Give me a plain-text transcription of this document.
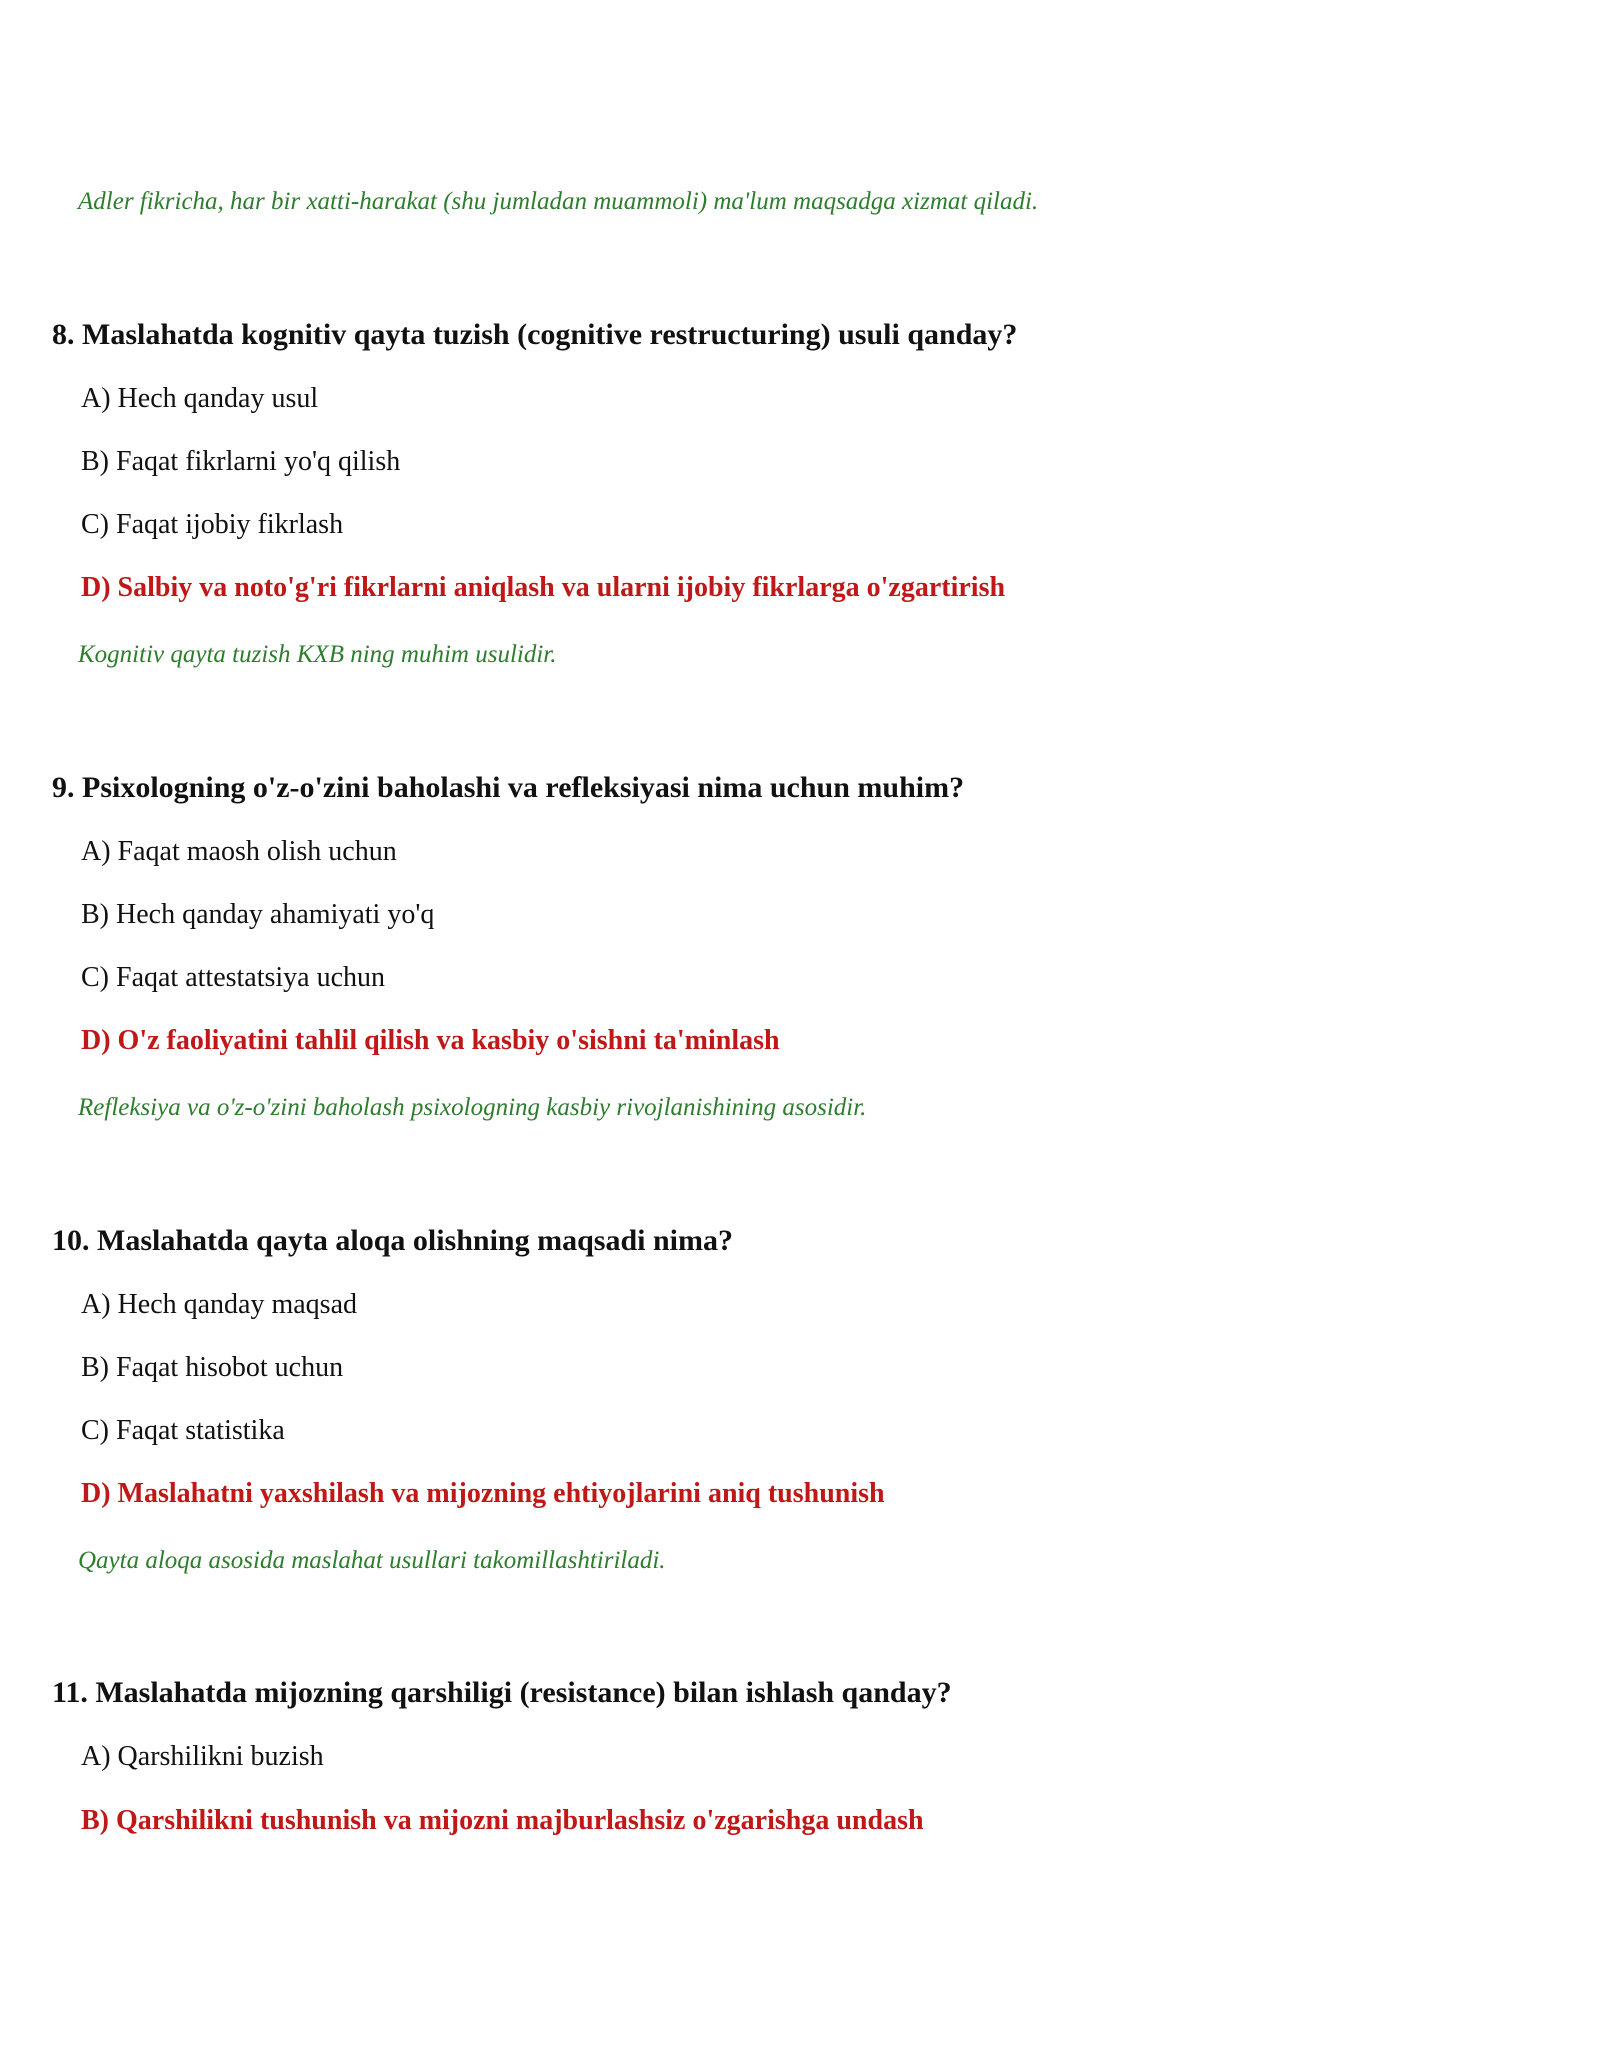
Adler fikricha, har bir xatti-harakat (shu jumladan muammoli) ma'lum maqsadga xizmat qiladi.
8. Maslahatda kognitiv qayta tuzish (cognitive restructuring) usuli qanday?
A) Hech qanday usul
B) Faqat fikrlarni yo'q qilish
C) Faqat ijobiy fikrlash
D) Salbiy va noto'g'ri fikrlarni aniqlash va ularni ijobiy fikrlarga o'zgartirish
Kognitiv qayta tuzish KXB ning muhim usulidir.
9. Psixologning o'z-o'zini baholashi va refleksiyasi nima uchun muhim?
A) Faqat maosh olish uchun
B) Hech qanday ahamiyati yo'q
C) Faqat attestatsiya uchun
D) O'z faoliyatini tahlil qilish va kasbiy o'sishni ta'minlash
Refleksiya va o'z-o'zini baholash psixologning kasbiy rivojlanishining asosidir.
10. Maslahatda qayta aloqa olishning maqsadi nima?
A) Hech qanday maqsad
B) Faqat hisobot uchun
C) Faqat statistika
D) Maslahatni yaxshilash va mijozning ehtiyojlarini aniq tushunish
Qayta aloqa asosida maslahat usullari takomillashtiriladi.
11. Maslahatda mijozning qarshiligi (resistance) bilan ishlash qanday?
A) Qarshilikni buzish
B) Qarshilikni tushunish va mijozni majburlashsiz o'zgarishga undash
